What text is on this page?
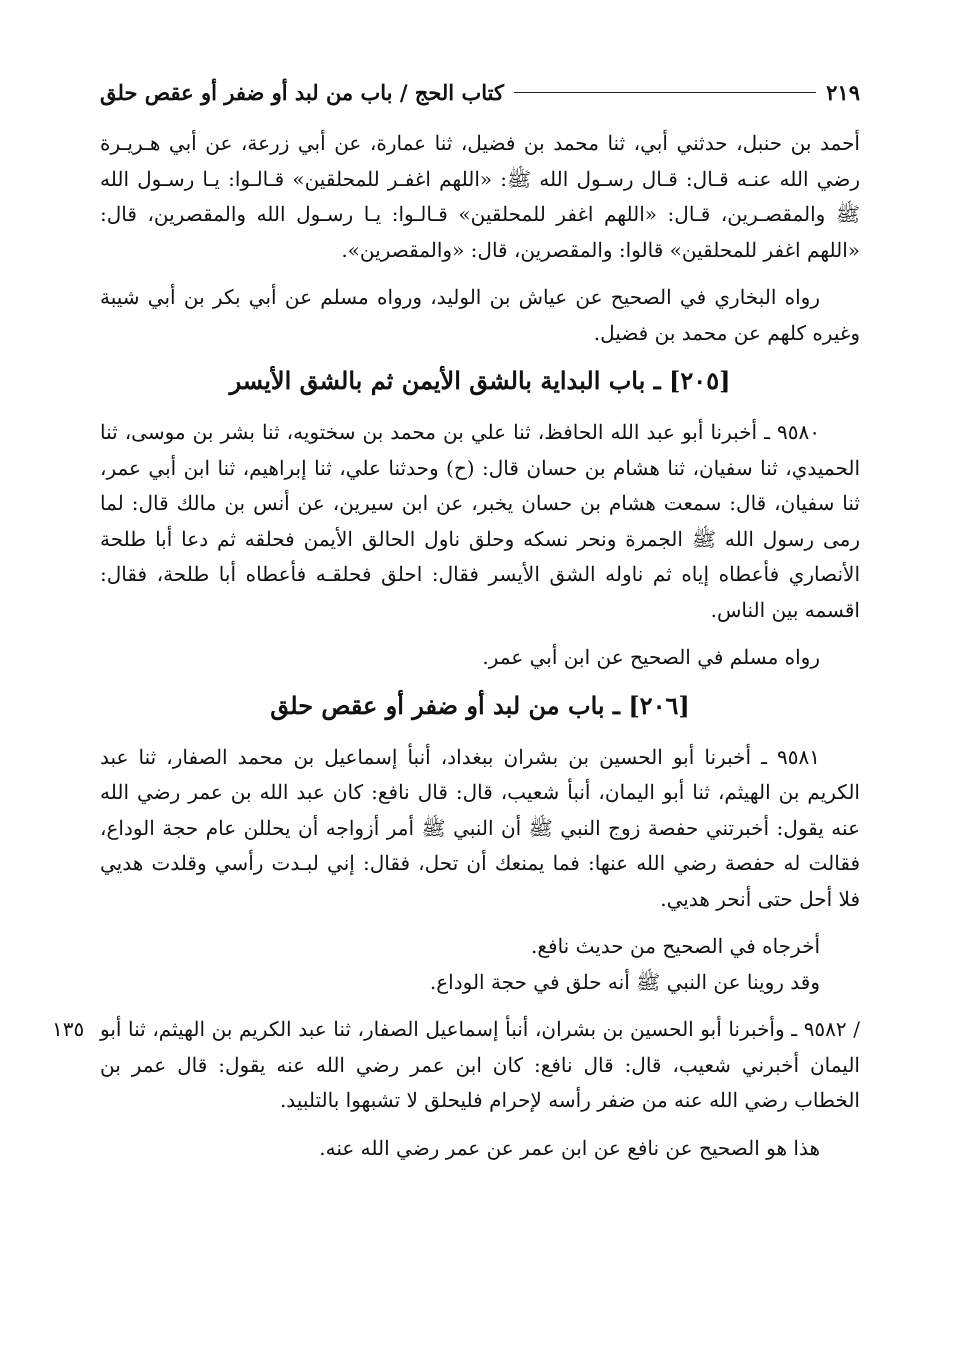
كتاب الحج / باب من لبد أو ضفر أو عقص حلق	٢١٩

أحمد بن حنبل، حدثني أبي، ثنا محمد بن فضيل، ثنا عمارة، عن أبي زرعة، عن أبي هـريـرة رضي الله عنـه قـال: قـال رسـول الله ﷺ: «اللهم اغفـر للمحلقين» قـالـوا: يـا رسـول الله ﷺ والمقصـرين، قـال: «اللهم اغفر للمحلقين» قـالـوا: يـا رسـول الله والمقصرين، قال: «اللهم اغفر للمحلقين» قالوا: والمقصرين، قال: «والمقصرين».

رواه البخاري في الصحيح عن عياش بن الوليد، ورواه مسلم عن أبي بكر بن أبي شيبة وغيره كلهم عن محمد بن فضيل.

[٢٠٥] ـ باب البداية بالشق الأيمن ثم بالشق الأيسر

٩٥٨٠ ـ أخبرنا أبو عبد الله الحافظ، ثنا علي بن محمد بن سختويه، ثنا بشر بن موسى، ثنا الحميدي، ثنا سفيان، ثنا هشام بن حسان قال: (ح) وحدثنا علي، ثنا إبراهيم، ثنا ابن أبي عمر، ثنا سفيان، قال: سمعت هشام بن حسان يخبر، عن ابن سيرين، عن أنس بن مالك قال: لما رمى رسول الله ﷺ الجمرة ونحر نسكه وحلق ناول الحالق الأيمن فحلقه ثم دعا أبا طلحة الأنصاري فأعطاه إياه ثم ناوله الشق الأيسر فقال: احلق فحلقـه فأعطاه أبا طلحة، فقال: اقسمه بين الناس.

رواه مسلم في الصحيح عن ابن أبي عمر.

[٢٠٦] ـ باب من لبد أو ضفر أو عقص حلق

٩٥٨١ ـ أخبرنا أبو الحسين بن بشران ببغداد، أنبأ إسماعيل بن محمد الصفار، ثنا عبد الكريم بن الهيثم، ثنا أبو اليمان، أنبأ شعيب، قال: قال نافع: كان عبد الله بن عمر رضي الله عنه يقول: أخبرتني حفصة زوج النبي ﷺ أن النبي ﷺ أمر أزواجه أن يحللن عام حجة الوداع، فقالت له حفصة رضي الله عنها: فما يمنعك أن تحل، فقال: إني لبـدت رأسي وقلدت هديي فلا أحل حتى أنحر هديي.

أخرجاه في الصحيح من حديث نافع.

وقد روينا عن النبي ﷺ أنه حلق في حجة الوداع.

١٣٥ / ٩٥٨٢ ـ وأخبرنا أبو الحسين بن بشران، أنبأ إسماعيل الصفار، ثنا عبد الكريم بن الهيثم، ثنا أبو اليمان أخبرني شعيب، قال: قال نافع: كان ابن عمر رضي الله عنه يقول: قال عمر بن الخطاب رضي الله عنه من ضفر رأسه لإحرام فليحلق لا تشبهوا بالتلبيد.

هذا هو الصحيح عن نافع عن ابن عمر عن عمر رضي الله عنه.
